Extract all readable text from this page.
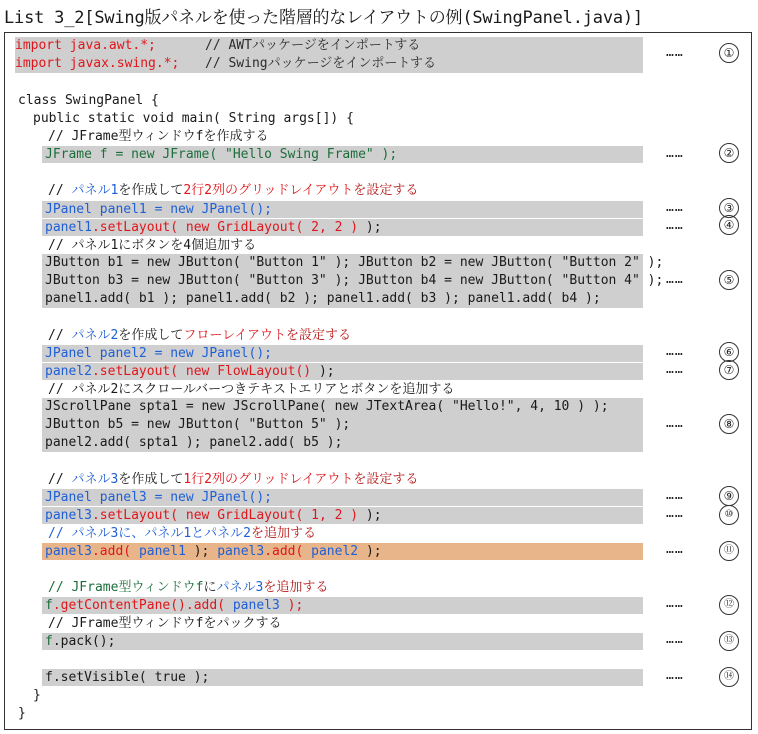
List 3_2[Swing版パネルを使った階層的なレイアウトの例(SwingPanel.java)]
import java.awt.*;	// AWTパッケージをインポートする
import javax.swing.*; // Swingパッケージをインポートする
class SwingPanel {
public static void main( String args[]) {
// JFrame型ウィンドウfを作成する
JFrame f = new JFrame( "Hello Swing Frame" );
// パネル1を作成して2行2列のグリッドレイアウトを設定する
JPanel panel1 = new JPanel();
panel1.setLayout( new GridLayout( 2, 2 ) );
// パネル1にボタンを4個追加する
JButton b1 = new JButton( "Button 1" ); JButton b2 = new JButton( "Button 2" );
JButton b3 = new JButton( "Button 3" ); JButton b4 = new JButton( "Button 4" );
panel1.add( b1 ); panel1.add( b2 ); panel1.add( b3 ); panel1.add( b4 );
// パネル2を作成してフローレイアウトを設定する
JPanel panel2 = new JPanel();
panel2.setLayout( new FlowLayout() );
// パネル2にスクロールバーつきテキストエリアとボタンを追加する
JScrollPane spta1 = new JScrollPane( new JTextArea( "Hello!", 4, 10 ) );
JButton b5 = new JButton( "Button 5" );
panel2.add( spta1 ); panel2.add( b5 );
// パネル3を作成して1行2列のグリッドレイアウトを設定する
JPanel panel3 = new JPanel();
panel3.setLayout( new GridLayout( 1, 2 ) );
// パネル3に、パネル1とパネル2を追加する
panel3.add( panel1 ); panel3.add( panel2 );
// JFrame型ウィンドウfにパネル3を追加する
f.getContentPane().add( panel3 );
// JFrame型ウィンドウfをパックする
f.pack();
f.setVisible( true );
}
}
……	①
……	②
……	③
……	④
……	⑤
……	⑥
……	⑦
……	⑧
……	⑨
……	⑩
……	⑪
……	⑫
……	⑬
……	⑭
